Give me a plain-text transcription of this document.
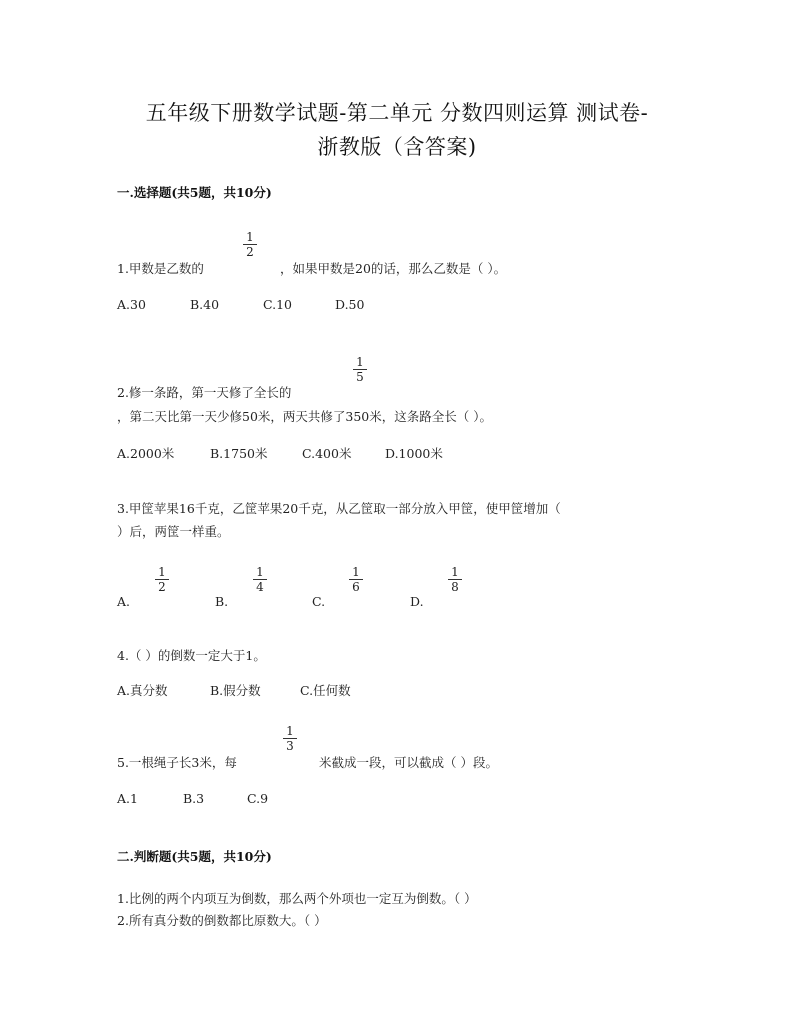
五年级下册数学试题-第二单元 分数四则运算 测试卷-
浙教版（含答案)
一.选择题(共5题，共10分)
1.甲数是乙数的
$\frac{1}{2}$
，如果甲数是20的话，那么乙数是（ ）。
A.30	B.40	C.10	D.50
2.修一条路，第一天修了全长的
$\frac{1}{5}$
，第二天比第一天少修50米，两天共修了350米，这条路全长（ ）。
A.2000米	B.1750米	C.400米	D.1000米
3.甲筐苹果16千克，乙筐苹果20千克，从乙筐取一部分放入甲筐，使甲筐增加（
）后，两筐一样重。
A.
$\frac{1}{2}$
B.
$\frac{1}{4}$
C.
$\frac{1}{6}$
D.
$\frac{1}{8}$
4.（ ）的倒数一定大于1。
A.真分数	B.假分数	C.任何数
5.一根绳子长3米，每
$\frac{1}{3}$
米截成一段，可以截成（ ）段。
A.1	B.3	C.9
二.判断题(共5题，共10分)
1.比例的两个内项互为倒数，那么两个外项也一定互为倒数。（ ）
2.所有真分数的倒数都比原数大。（ ）
